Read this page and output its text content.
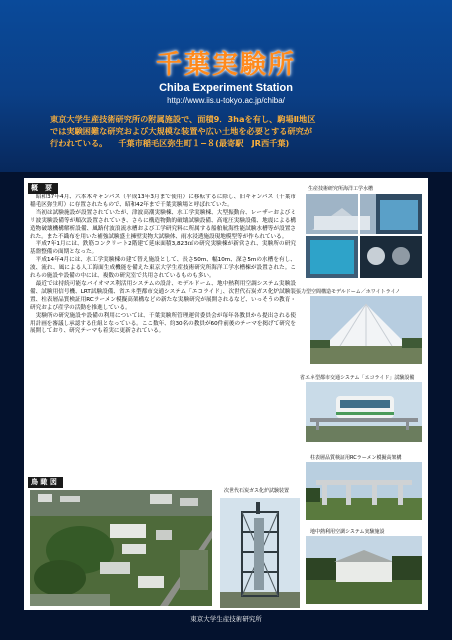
千葉実験所
Chiba Experiment Station
http://www.iis.u-tokyo.ac.jp/chiba/
東京大学生産技術研究所の附属施設で、面積9．3haを有し、駒場Ⅱ地区
では実験困難な研究および大規模な装置や広い土地を必要とする研究が
行われている。 千葉市稲毛区弥生町１−８(最寄駅　JR西千葉)
概　要

　昭和37年4月、六本木キャンパス（平成13年3月まで使用）に移転するに際し、旧キャンパス（千葉市稲毛区弥生町）に存置されたもので、昭和42年まで千葉実験場と呼ばれていた。

　当初は試験施設が設置されていたが、津波高潮実験棟、水工学実験棟、大型振動台、レーザーおよびミリ波実験設備等が順次設置されていき、さらに構造物動的破壊試験設備、高電圧実験設備、地震による構造物破壊機構解析設備、風路付波浪流水槽および工学研究料に所属する船舶航海性能試験水槽等が設置された。また不織布を用いた補強試験盛土擁壁実物大試験体、雨水浸透施設現地模型等が作られている。

　平成7年1月には、鉄筋コンクリート2階建て延床面積3,823㎡の研究実験棟が新営され、実験所の研究基盤整備の面期となった。

　平成14年4月には、水工学実験棟の建て替え施設として、長さ50m、幅10m、深さ5mの水槽を有し、波、流れ、風による人工海面生成機能を備えた東京大学生産技術研究所海洋工学水槽棟が設置された。これらの施設や設備の中には、複数の研究室で共用されているものも多い。

　最近では持続可能なバイオマス利活用システムの設計、モデルドーム、地中熱利用空調システム実験設備、試験用信号機、LRT試験設備、省エネ型都市交通システム「エコライド」、次世代石炭ガス化炉試験装置、柱表層品質検証用RCラーメン模擬高架構などの新たな実験研究が展開されるなど、いっそうの教育・研究および産学の活動を推進している。

　実験所の研究施設や設備の利用については、千葉実験所管理運営委員会が毎年各教員から提出される使用計画を審議し承認する仕組となっている。ここ数年、約30名の教員が60件前後のテーマを掲げて研究を展開しており、研究テーマも着実に更新されている。

生産技術研究所海洋工学水槽
張力型空間構造モデルドーム／ホワイトライノ
省エネ型都市交通システム「エコライド」試験設備
柱表層品質検証用RCラーメン模擬高架構
地中熱利用空調システム実験施設
鳥 瞰 図
次世代石炭ガス化炉試験装置
東京大学生産技術研究所
